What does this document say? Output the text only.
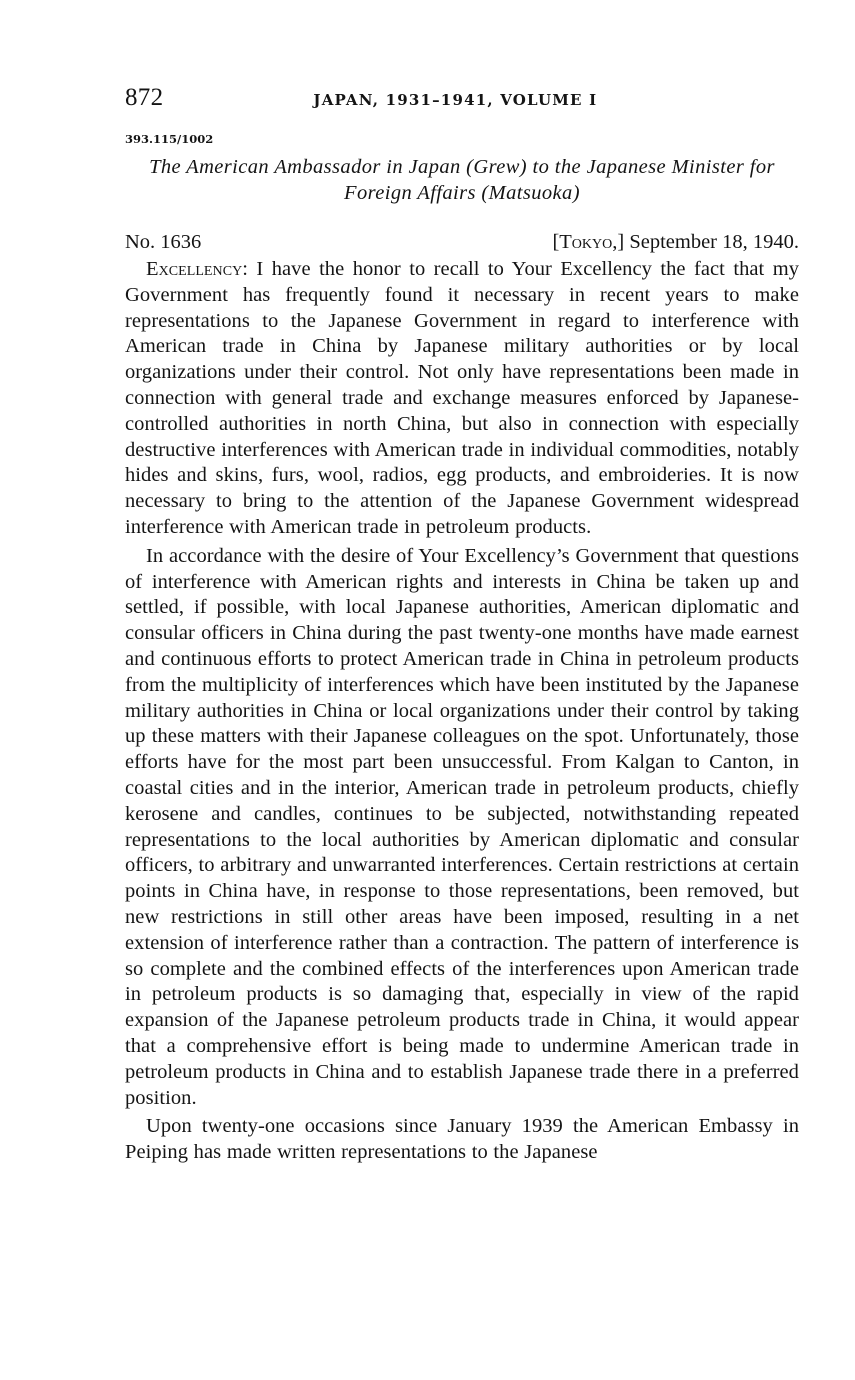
872	JAPAN, 1931–1941, VOLUME I
393.115/1002
The American Ambassador in Japan (Grew) to the Japanese Minister for Foreign Affairs (Matsuoka)
No. 1636	[Tokyo,] September 18, 1940.

Excellency: I have the honor to recall to Your Excellency the fact that my Government has frequently found it necessary in recent years to make representations to the Japanese Government in regard to interference with American trade in China by Japanese military authorities or by local organizations under their control. Not only have representations been made in connection with general trade and exchange measures enforced by Japanese-controlled authorities in north China, but also in connection with especially destructive interferences with American trade in individual commodities, notably hides and skins, furs, wool, radios, egg products, and embroideries. It is now necessary to bring to the attention of the Japanese Government widespread interference with American trade in petroleum products.

In accordance with the desire of Your Excellency’s Government that questions of interference with American rights and interests in China be taken up and settled, if possible, with local Japanese authorities, American diplomatic and consular officers in China during the past twenty-one months have made earnest and continuous efforts to protect American trade in China in petroleum products from the multiplicity of interferences which have been instituted by the Japanese military authorities in China or local organizations under their control by taking up these matters with their Japanese colleagues on the spot. Unfortunately, those efforts have for the most part been unsuccessful. From Kalgan to Canton, in coastal cities and in the interior, American trade in petroleum products, chiefly kerosene and candles, continues to be subjected, notwithstanding repeated representations to the local authorities by American diplomatic and consular officers, to arbitrary and unwarranted interferences. Certain restrictions at certain points in China have, in response to those representations, been removed, but new restrictions in still other areas have been imposed, resulting in a net extension of interference rather than a contraction. The pattern of interference is so complete and the combined effects of the interferences upon American trade in petroleum products is so damaging that, especially in view of the rapid expansion of the Japanese petroleum products trade in China, it would appear that a comprehensive effort is being made to undermine American trade in petroleum products in China and to establish Japanese trade there in a preferred position.

Upon twenty-one occasions since January 1939 the American Embassy in Peiping has made written representations to the Japanese
